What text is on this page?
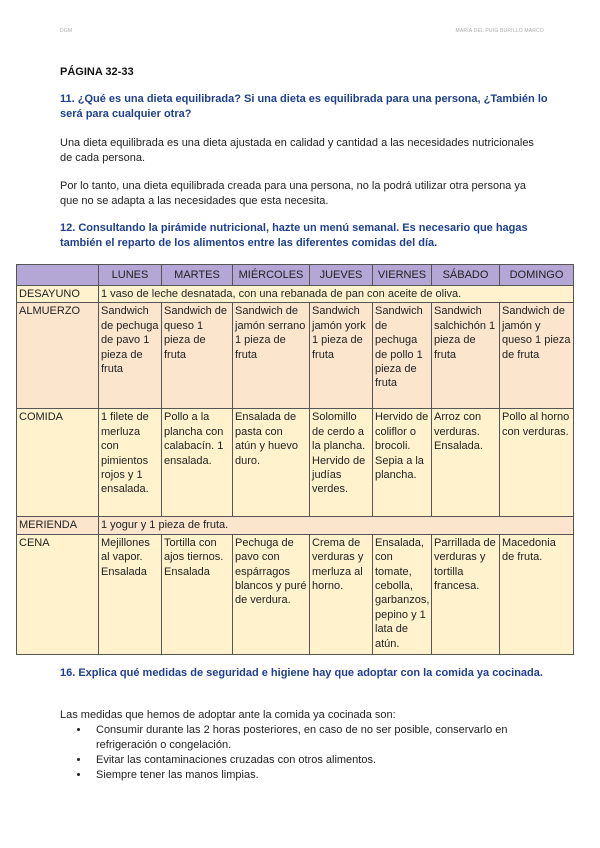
DGM	MARÍA DEL PUIG BURILLO MARCO
PÁGINA 32-33
11. ¿Qué es una dieta equilibrada? Si una dieta es equilibrada para una persona, ¿También lo será para cualquier otra?
Una dieta equilibrada es una dieta ajustada en calidad y cantidad a las necesidades nutricionales de cada persona.
Por lo tanto, una dieta equilibrada creada para una persona, no la podrá utilizar otra persona ya que no se adapta a las necesidades que esta necesita.
12. Consultando la pirámide nutricional, hazte un menú semanal. Es necesario que hagas también el reparto de los alimentos entre las diferentes comidas del día.
	LUNES	MARTES	MIÉRCOLES	JUEVES	VIERNES	SÁBADO	DOMINGO
DESAYUNO	1 vaso de leche desnatada, con una rebanada de pan con aceite de oliva.						
ALMUERZO	Sandwich de pechuga de pavo 1 pieza de fruta	Sandwich de queso 1 pieza de fruta	Sandwich de jamón serrano 1 pieza de fruta	Sandwich jamón york 1 pieza de fruta	Sandwich de pechuga de pollo 1 pieza de fruta	Sandwich salchichón 1 pieza de fruta	Sandwich de jamón y queso 1 pieza de fruta
COMIDA	1 filete de merluza con pimientos rojos y 1 ensalada.	Pollo a la plancha con calabacín. 1 ensalada.	Ensalada de pasta con atún y huevo duro.	Solomillo de cerdo a la plancha. Hervido de judías verdes.	Hervido de coliflor o brocoli. Sepia a la plancha.	Arroz con verduras. Ensalada.	Pollo al horno con verduras.
MERIENDA	1 yogur y 1 pieza de fruta.						
CENA	Mejillones al vapor. Ensalada	Tortilla con ajos tiernos. Ensalada	Pechuga de pavo con espárragos blancos y puré de verdura.	Crema de verduras y merluza al horno.	Ensalada, con tomate, cebolla, garbanzos, pepino y 1 lata de atún.	Parrillada de verduras y tortilla francesa.	Macedonia de fruta.
16. Explica qué medidas de seguridad e higiene hay que adoptar con la comida ya cocinada.
Las medidas que hemos de adoptar ante la comida ya cocinada son:
• Consumir durante las 2 horas posteriores, en caso de no ser posible, conservarlo en refrigeración o congelación.
• Evitar las contaminaciones cruzadas con otros alimentos.
• Siempre tener las manos limpias.
